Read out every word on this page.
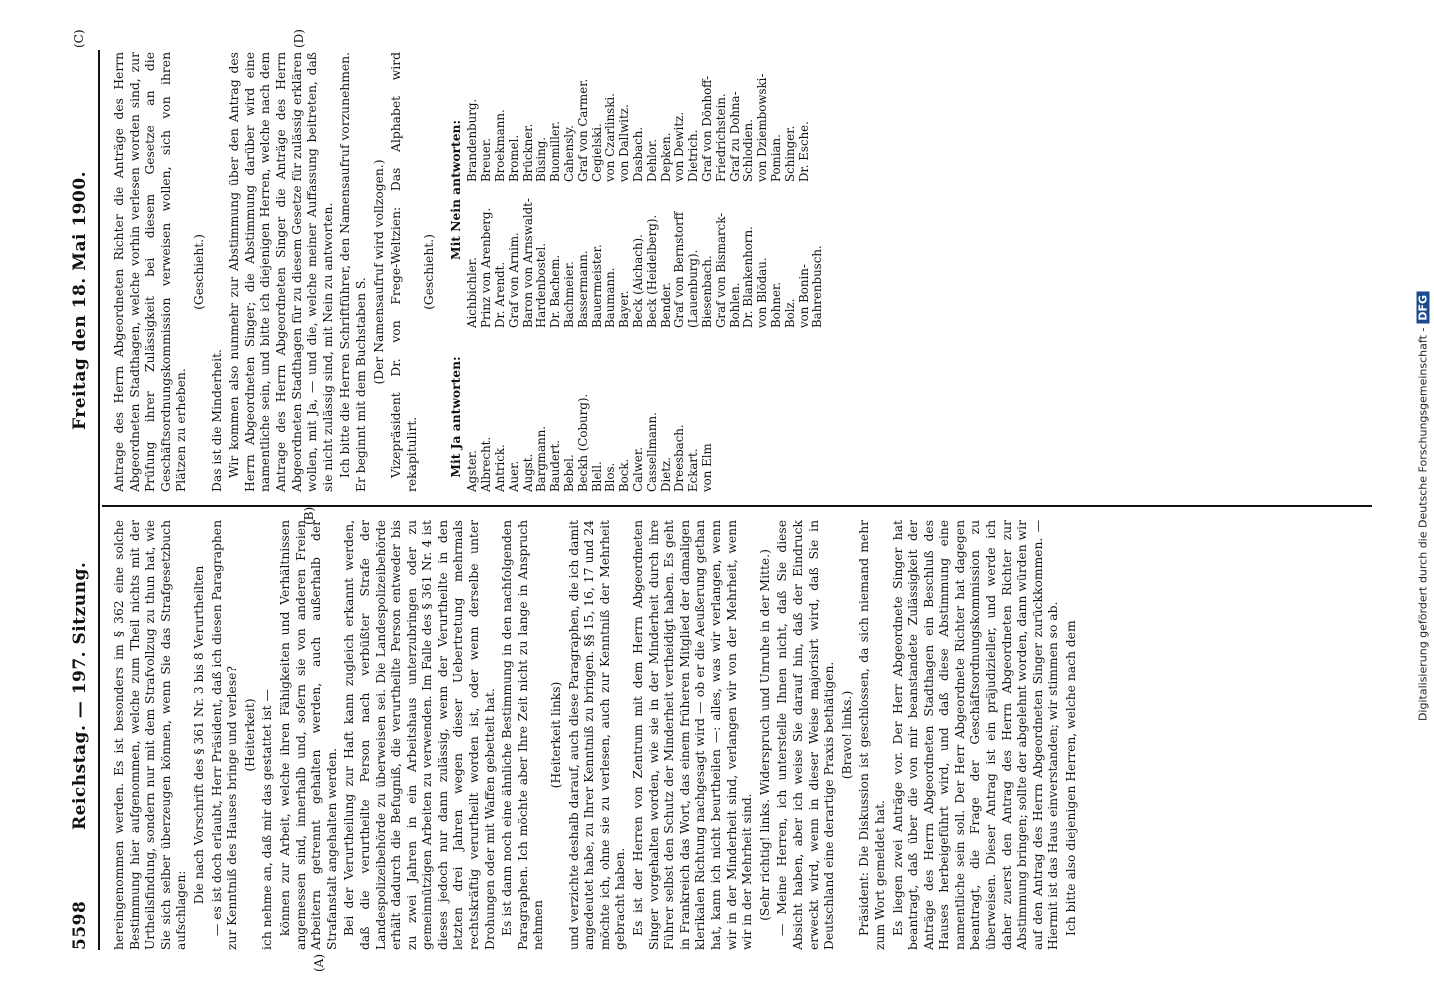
5598
Reichstag. — 197. Sitzung.
Freitag den 18. Mai 1900.
(A)
(B)
(C)	(D)

hereingenommen werden. Es ist besonders im § 362 eine solche Bestimmung hier aufgenommen, welche zum Theil nichts mit der Urtheilsfindung, sondern nur mit dem Strafvollzug zu thun hat, wie Sie sich selber überzeugen können, wenn Sie das Strafgesetzbuch aufschlagen:

Die nach Vorschrift des § 361 Nr. 3 bis 8 Verurtheilten — es ist doch erlaubt, Herr Präsident, daß ich diesen Paragraphen zur Kenntniß des Hauses bringe und verlese? (Heiterkeit) ich nehme an, daß mir das gestattet ist — können zur Arbeit, welche ihren Fähigkeiten und Verhältnissen angemessen sind, innerhalb und, sofern sie von anderen Freien Arbeitern getrennt gehalten werden, auch außerhalb der Strafanstalt angehalten werden. Bei der Verurtheilung zur Haft kann zugleich erkannt werden, daß die verurtheilte Person nach verbüßter Strafe der Landespolizeibehörde zu überweisen sei. Die Landespolizeibehörde erhält dadurch die Befugniß, die verurtheilte Person entweder bis zu zwei Jahren in ein Arbeitshaus unterzubringen oder zu gemeinnützigen Arbeiten zu verwenden. Im Falle des § 361 Nr. 4 ist dieses jedoch nur dann zulässig, wenn der Verurtheilte in den letzten drei Jahren wegen dieser Uebertretung mehrmals rechtskräftig verurtheilt worden ist, oder wenn derselbe unter Drohungen oder mit Waffen gebettelt hat. Es ist dann noch eine ähnliche Bestimmung in den nachfolgenden Paragraphen. Ich möchte aber Ihre Zeit nicht zu lange in Anspruch nehmen

(Heiterkeit links) und verzichte deshalb darauf, auch diese Paragraphen, die ich damit angedeutet habe, zu Ihrer Kenntniß zu bringen. §§ 15, 16, 17 und 24 möchte ich, ohne sie zu verlesen, auch zur Kenntniß der Mehrheit gebracht haben. Es ist der Herren von Zentrum mit dem Herrn Abgeordneten Singer vorgehalten worden, wie sie in der Minderheit durch ihre Führer selbst den Schutz der Minderheit vertheidigt haben. Es geht in Frankreich das Wort, das einem früheren Mitglied der damaligen klerikalen Richtung nachgesagt wird — ob er die Aeußerung gethan hat, kann ich nicht beurtheilen —: alles, was wir verlangen, wenn wir in der Minderheit sind, verlangen wir von der Mehrheit, wenn wir in der Mehrheit sind. (Sehr richtig! links. Widerspruch und Unruhe in der Mitte.) — Meine Herren, ich unterstelle Ihnen nicht, daß Sie diese Absicht haben, aber ich weise Sie darauf hin, daß der Eindruck erweckt wird, wenn in dieser Weise majorisirt wird, daß Sie in Deutschland eine derartige Praxis bethätigen. (Bravo! links.) Präsident: Die Diskussion ist geschlossen, da sich niemand mehr zum Wort gemeldet hat. Es liegen zwei Anträge vor. Der Herr Abgeordnete Singer hat beantragt, daß über die von mir beanstandete Zulässigkeit der Anträge des Herrn Abgeordneten Stadthagen ein Beschluß des Hauses herbeigeführt wird, und daß diese Abstimmung eine namentliche sein soll. Der Herr Abgeordnete Richter hat dagegen beantragt, die Frage der Geschäftsordnungskommission zu überweisen. Dieser Antrag ist ein präjudizieller, und werde ich daher zuerst den Antrag des Herrn Abgeordneten Richter zur Abstimmung bringen; sollte der abgelehnt worden, dann würden wir auf den Antrag des Herrn Abgeordneten Singer zurückkommen. — Hiermit ist das Haus einverstanden; wir stimmen so ab. Ich bitte also diejenigen Herren, welche nach dem

Antrage des Herrn Abgeordneten Richter die Anträge des Herrn Abgeordneten Stadthagen, welche vorhin verlesen worden sind, zur Prüfung ihrer Zulässigkeit bei diesem Gesetze an die Geschäftsordnungskommission verweisen wollen, sich von ihren Plätzen zu erheben.

(Geschieht.)

Das ist die Minderheit. Wir kommen also nunmehr zur Abstimmung über den Antrag des Herrn Abgeordneten Singer; die Abstimmung darüber wird eine namentliche sein, und bitte ich diejenigen Herren, welche nach dem Antrage des Herrn Abgeordneten Singer die Anträge des Herrn Abgeordneten Stadthagen für zu diesem Gesetze für zulässig erklären wollen, mit Ja, — und die, welche meiner Auffassung beitreten, daß sie nicht zulässig sind, mit Nein zu antworten. Ich bitte die Herren Schriftführer, den Namensaufruf vorzunehmen. Er beginnt mit dem Buchstaben S.

(Der Namensaufruf wird vollzogen.) Vizepräsident Dr. von Frege-Weltzien: Das Alphabet wird rekapitulirt.

(Geschieht.)

Mit Ja antworten: Agster. Albrecht. Antrick. Auer. Augst. Bargmann. Baudert. Bebel. Beckh (Coburg). Blell. Blos. Bock. Calwer. Cassellmann. Dietz. Dreesbach. Eckart. von Elm
Mit Nein antworten:
Aichbichler. Prinz von Arenberg. Dr. Arendt. Graf von Arnim. Baron von Arnswaldt-Hardenbostel. Dr. Bachem. Bachmeier. Bassermann. Bauermeister. Baumann. Bayer. Beck (Aichach). Beck (Heidelberg). Bender. Graf von Bernstorff (Lauenburg). Biesenbach. Graf von Bismarck-Bohlen. Dr. Blankenhorn. von Blödau. Bohner. Bolz. von Bonin-Bahrenbusch.
Brandenburg. Breuer. Broekmann. Bromel. Brückner. Büsing. Buomiller. Cahensly. Graf von Carmer. Cegielski. von Czarlinski. von Dallwitz. Dasbach. Dehlor. Depken. von Dewitz. Dietrich. Graf von Dönhoff-Friedrichstein. Graf zu Dohna-Schlodien. von Dziembowski-Pomian. Schinger. Dr. Esche.
Digitalisierung gefördert durch die Deutsche Forschungsgemeinschaft -DFG
